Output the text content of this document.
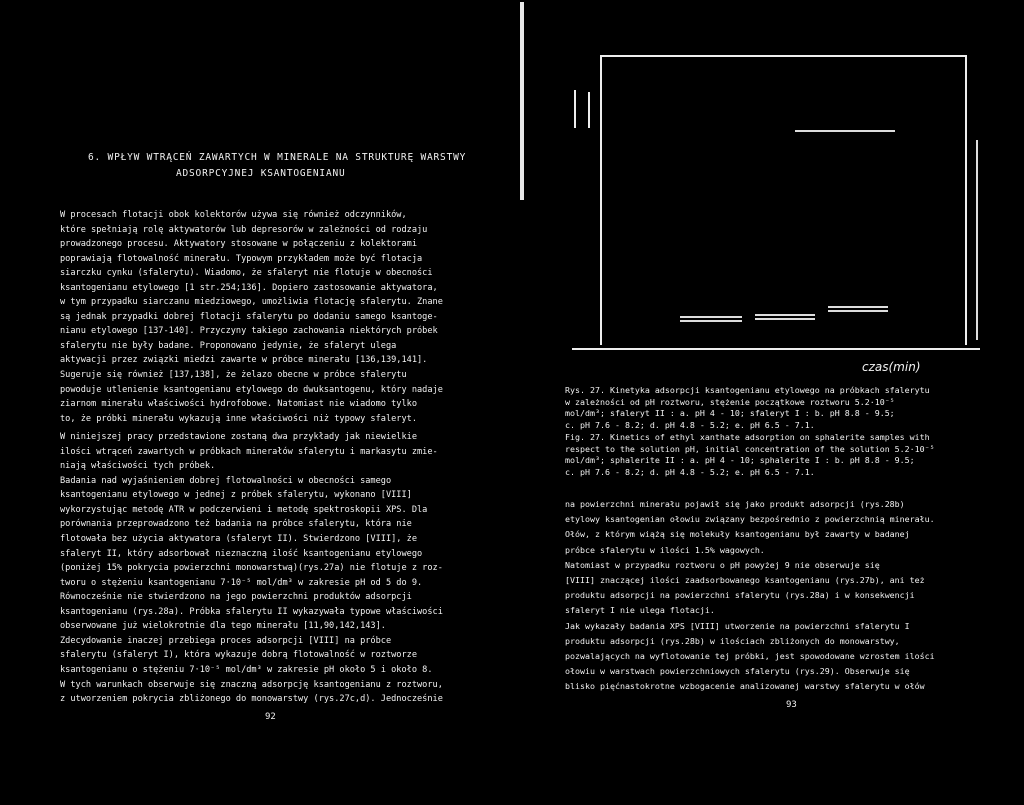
6. WPŁYW WTRĄCEŃ ZAWARTYCH W MINERALE NA STRUKTURĘ WARSTWY
ADSORPCYJNEJ KSANTOGENIANU
W procesach flotacji obok kolektorów używa się również odczynników,
które spełniają rolę aktywatorów lub depresorów w zależności od rodzaju
prowadzonego procesu. Aktywatory stosowane w połączeniu z kolektorami
poprawiają flotowalność minerału. Typowym przykładem może być flotacja
siarczku cynku (sfalerytu). Wiadomo, że sfaleryt nie flotuje w obecności
ksantogenianu etylowego [1 str.254;136]. Dopiero zastosowanie aktywatora,
w tym przypadku siarczanu miedziowego, umożliwia flotację sfalerytu. Znane
są jednak przypadki dobrej flotacji sfalerytu po dodaniu samego ksantoge-
nianu etylowego [137-140]. Przyczyny takiego zachowania niektórych próbek
sfalerytu nie były badane. Proponowano jedynie, że sfaleryt ulega
aktywacji przez związki miedzi zawarte w próbce minerału [136,139,141].
Sugeruje się również [137,138], że żelazo obecne w próbce sfalerytu
powoduje utlenienie ksantogenianu etylowego do dwuksantogenu, który nadaje
ziarnom minerału właściwości hydrofobowe. Natomiast nie wiadomo tylko
to, że próbki minerału wykazują inne właściwości niż typowy sfaleryt.
W niniejszej pracy przedstawione zostaną dwa przykłady jak niewielkie
ilości wtrąceń zawartych w próbkach minerałów sfalerytu i markasytu zmie-
niają właściwości tych próbek.
Badania nad wyjaśnieniem dobrej flotowalności w obecności samego
ksantogenianu etylowego w jednej z próbek sfalerytu, wykonano [VIII]
wykorzystując metodę ATR w podczerwieni i metodę spektroskopii XPS. Dla
porównania przeprowadzono też badania na próbce sfalerytu, która nie
flotowała bez użycia aktywatora (sfaleryt II). Stwierdzono [VIII], że
sfaleryt II, który adsorbował nieznaczną ilość ksantogenianu etylowego
(poniżej 15% pokrycia powierzchni monowarstwą)(rys.27a) nie flotuje z roz-
tworu o stężeniu ksantogenianu 7·10⁻⁵ mol/dm³ w zakresie pH od 5 do 9.
Równocześnie nie stwierdzono na jego powierzchni produktów adsorpcji
ksantogenianu (rys.28a). Próbka sfalerytu II wykazywała typowe właściwości
obserwowane już wielokrotnie dla tego minerału [11,90,142,143].
Zdecydowanie inaczej przebiega proces adsorpcji [VIII] na próbce
sfalerytu (sfaleryt I), która wykazuje dobrą flotowalność w roztworze
ksantogenianu o stężeniu 7·10⁻⁵ mol/dm³ w zakresie pH około 5 i około 8.
W tych warunkach obserwuje się znaczną adsorpcję ksantogenianu z roztworu,
z utworzeniem pokrycia zbliżonego do monowarstwy (rys.27c,d). Jednocześnie
92
czas(min)
Rys. 27. Kinetyka adsorpcji ksantogenianu etylowego na próbkach sfalerytu
w zależności od pH roztworu, stężenie początkowe roztworu 5.2·10⁻⁵
mol/dm³; sfaleryt II : a. pH 4 - 10; sfaleryt I : b. pH 8.8 - 9.5;
c. pH 7.6 - 8.2; d. pH 4.8 - 5.2; e. pH 6.5 - 7.1.
Fig. 27. Kinetics of ethyl xanthate adsorption on sphalerite samples with
respect to the solution pH, initial concentration of the solution 5.2·10⁻⁵
mol/dm³; sphalerite II : a. pH 4 - 10; sphalerite I : b. pH 8.8 - 9.5;
c. pH 7.6 - 8.2; d. pH 4.8 - 5.2; e. pH 6.5 - 7.1.
na powierzchni minerału pojawił się jako produkt adsorpcji (rys.28b)
etylowy ksantogenian ołowiu związany bezpośrednio z powierzchnią minerału.
Ołów, z którym wiążą się molekuły ksantogenianu był zawarty w badanej
próbce sfalerytu w ilości 1.5% wagowych.
Natomiast w przypadku roztworu o pH powyżej 9 nie obserwuje się
[VIII] znaczącej ilości zaadsorbowanego ksantogenianu (rys.27b), ani też
produktu adsorpcji na powierzchni sfalerytu (rys.28a) i w konsekwencji
sfaleryt I nie ulega flotacji.
Jak wykazały badania XPS [VIII] utworzenie na powierzchni sfalerytu I
produktu adsorpcji (rys.28b) w ilościach zbliżonych do monowarstwy,
pozwalających na wyflotowanie tej próbki, jest spowodowane wzrostem ilości
ołowiu w warstwach powierzchniowych sfalerytu (rys.29). Obserwuje się
blisko pięćnastokrotne wzbogacenie analizowanej warstwy sfalerytu w ołów
93
